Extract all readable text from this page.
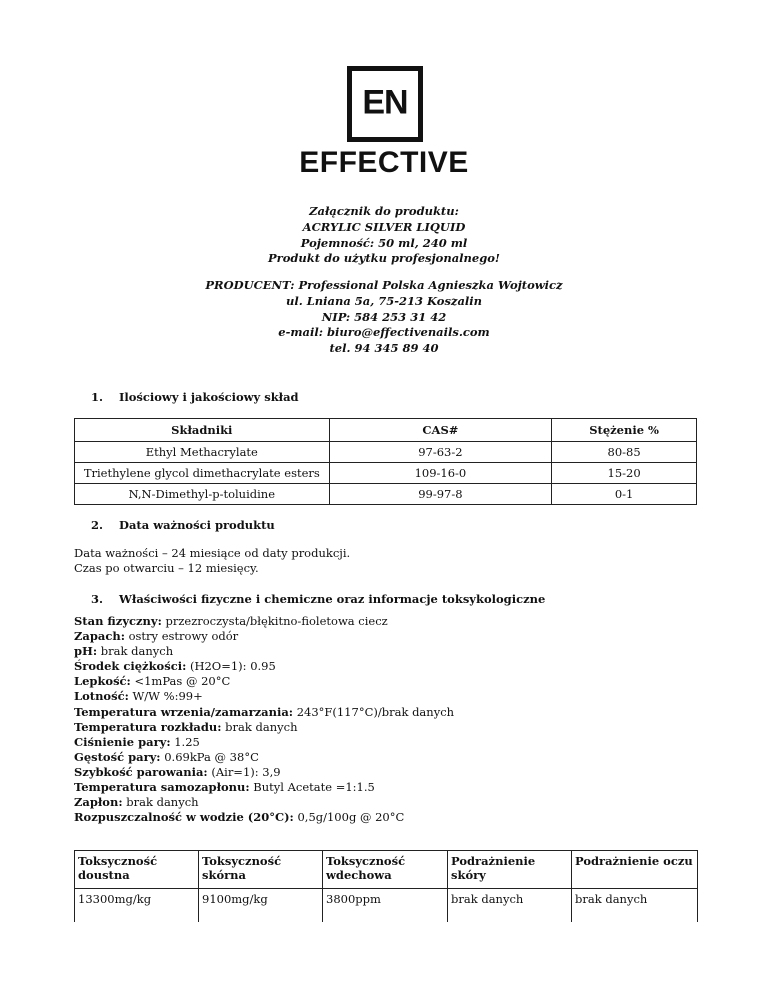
EN
EFFECTIVE
Załącznik do produktu:
ACRYLIC SILVER LIQUID
Pojemność: 50 ml, 240 ml
Produkt do użytku profesjonalnego!
PRODUCENT: Professional Polska Agnieszka Wojtowicz
ul. Lniana 5a, 75-213 Koszalin
NIP: 584 253 31 42
e-mail: biuro@effectivenails.com
tel. 94 345 89 40
1. Ilościowy i jakościowy skład
Składniki	CAS#	Stężenie %
Ethyl Methacrylate	97-63-2	80-85
Triethylene glycol dimethacrylate esters	109-16-0	15-20
N,N-Dimethyl-p-toluidine	99-97-8	0-1
2. Data ważności produktu
Data ważności – 24 miesiące od daty produkcji.
Czas po otwarciu – 12 miesięcy.
3. Właściwości fizyczne i chemiczne oraz informacje toksykologiczne
Stan fizyczny: przezroczysta/błękitno-fioletowa ciecz
Zapach: ostry estrowy odór
pH: brak danych
Środek ciężkości: (H2O=1): 0.95
Lepkość: <1mPas @ 20°C
Lotność: W/W %:99+
Temperatura wrzenia/zamarzania: 243°F(117°C)/brak danych
Temperatura rozkładu: brak danych
Ciśnienie pary: 1.25
Gęstość pary: 0.69kPa @ 38°C
Szybkość parowania: (Air=1): 3,9
Temperatura samozapłonu: Butyl Acetate =1:1.5
Zapłon: brak danych
Rozpuszczalność w wodzie (20°C): 0,5g/100g @ 20°C
Toksyczność doustna	Toksyczność skórna	Toksyczność wdechowa	Podrażnienie skóry	Podrażnienie oczu
13300mg/kg	9100mg/kg	3800ppm	brak danych	brak danych
